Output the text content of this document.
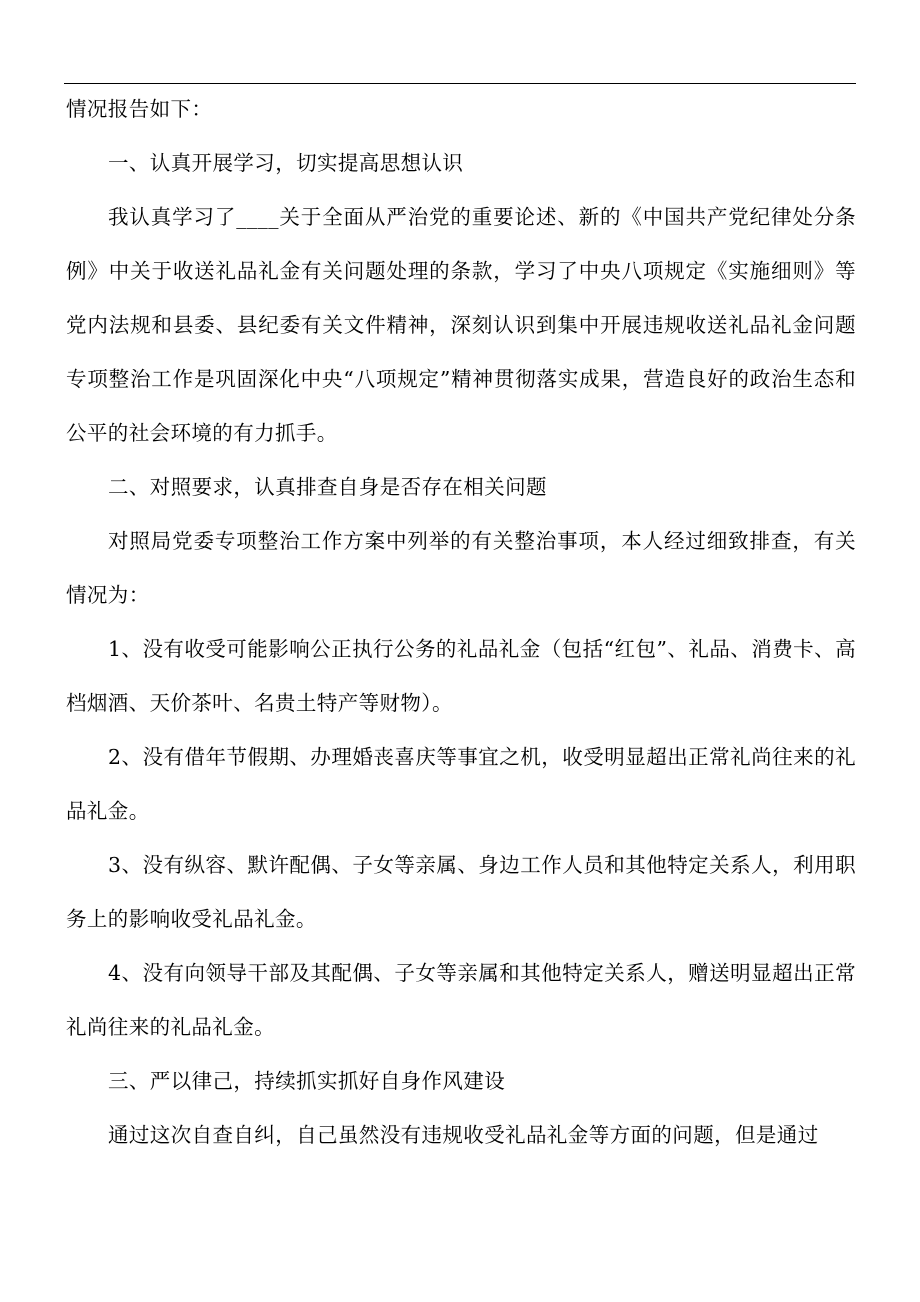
情况报告如下：

一、认真开展学习，切实提高思想认识

我认真学习了____关于全面从严治党的重要论述、新的《中国共产党纪律处分条例》中关于收送礼品礼金有关问题处理的条款，学习了中央八项规定《实施细则》等党内法规和县委、县纪委有关文件精神，深刻认识到集中开展违规收送礼品礼金问题专项整治工作是巩固深化中央“八项规定”精神贯彻落实成果，营造良好的政治生态和公平的社会环境的有力抓手。

二、对照要求，认真排查自身是否存在相关问题

对照局党委专项整治工作方案中列举的有关整治事项，本人经过细致排查，有关情况为：

1、没有收受可能影响公正执行公务的礼品礼金（包括“红包”、礼品、消费卡、高档烟酒、天价茶叶、名贵土特产等财物）。

2、没有借年节假期、办理婚丧喜庆等事宜之机，收受明显超出正常礼尚往来的礼品礼金。

3、没有纵容、默许配偶、子女等亲属、身边工作人员和其他特定关系人，利用职务上的影响收受礼品礼金。

4、没有向领导干部及其配偶、子女等亲属和其他特定关系人，赠送明显超出正常礼尚往来的礼品礼金。

三、严以律己，持续抓实抓好自身作风建设

通过这次自查自纠，自己虽然没有违规收受礼品礼金等方面的问题，但是通过
